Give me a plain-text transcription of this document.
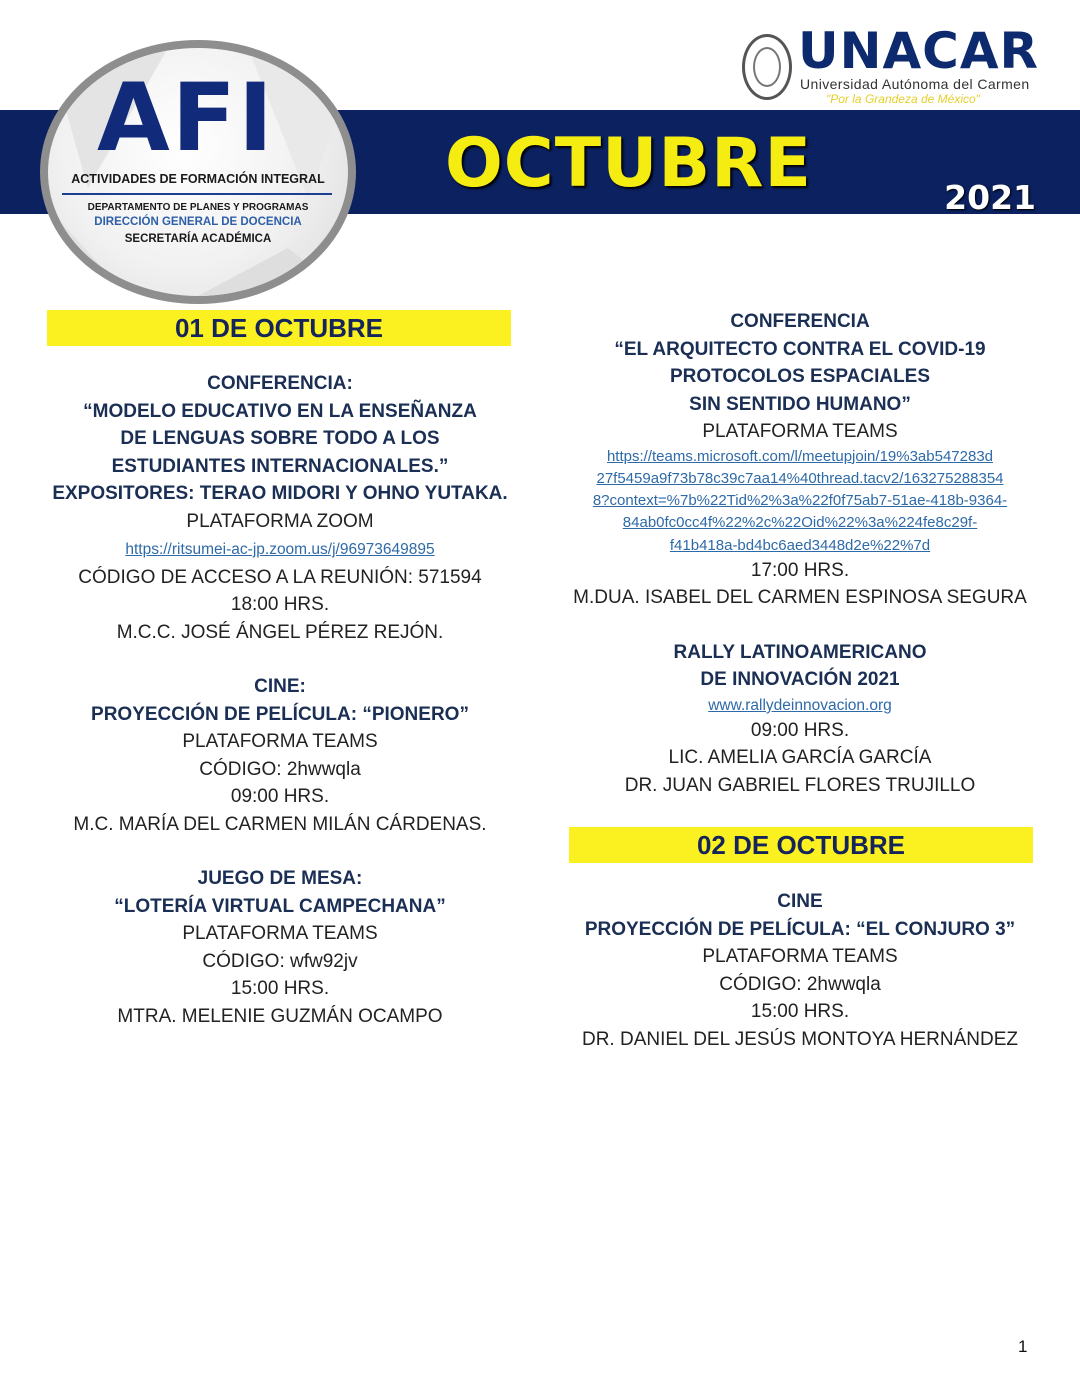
OCTUBRE	2021
AFI
ACTIVIDADES DE FORMACIÓN INTEGRAL
DEPARTAMENTO DE PLANES Y PROGRAMAS
DIRECCIÓN GENERAL DE DOCENCIA
SECRETARÍA ACADÉMICA
UNACAR
Universidad Autónoma del Carmen
"Por la Grandeza de México"
01 DE OCTUBRE
CONFERENCIA:
“MODELO EDUCATIVO EN LA ENSEÑANZA
DE LENGUAS SOBRE TODO A LOS
ESTUDIANTES INTERNACIONALES.”
EXPOSITORES: TERAO MIDORI Y OHNO YUTAKA.
PLATAFORMA ZOOM
https://ritsumei-ac-jp.zoom.us/j/96973649895
CÓDIGO DE ACCESO A LA REUNIÓN: 571594
18:00 HRS.
M.C.C. JOSÉ ÁNGEL PÉREZ REJÓN.
CINE:
PROYECCIÓN DE PELÍCULA: “PIONERO”
PLATAFORMA TEAMS
CÓDIGO: 2hwwqla
09:00 HRS.
M.C. MARÍA DEL CARMEN MILÁN CÁRDENAS.
JUEGO DE MESA:
“LOTERÍA VIRTUAL CAMPECHANA”
PLATAFORMA TEAMS
CÓDIGO: wfw92jv
15:00 HRS.
MTRA. MELENIE GUZMÁN OCAMPO
CONFERENCIA
“EL ARQUITECTO CONTRA EL COVID-19
PROTOCOLOS ESPACIALES
SIN SENTIDO HUMANO”
PLATAFORMA TEAMS
https://teams.microsoft.com/l/meetupjoin/19%3ab547283d
27f5459a9f73b78c39c7aa14%40thread.tacv2/163275288354
8?context=%7b%22Tid%2%3a%22f0f75ab7-51ae-418b-9364-
84ab0fc0cc4f%22%2c%22Oid%22%3a%224fe8c29f-
f41b418a-bd4bc6aed3448d2e%22%7d
17:00 HRS.
M.DUA. ISABEL DEL CARMEN ESPINOSA SEGURA
RALLY LATINOAMERICANO
DE INNOVACIÓN 2021
www.rallydeinnovacion.org
09:00 HRS.
LIC. AMELIA GARCÍA GARCÍA
DR. JUAN GABRIEL FLORES TRUJILLO
02 DE OCTUBRE
CINE
PROYECCIÓN DE PELÍCULA: “EL CONJURO 3”
PLATAFORMA TEAMS
CÓDIGO: 2hwwqla
15:00 HRS.
DR. DANIEL DEL JESÚS MONTOYA HERNÁNDEZ
1
